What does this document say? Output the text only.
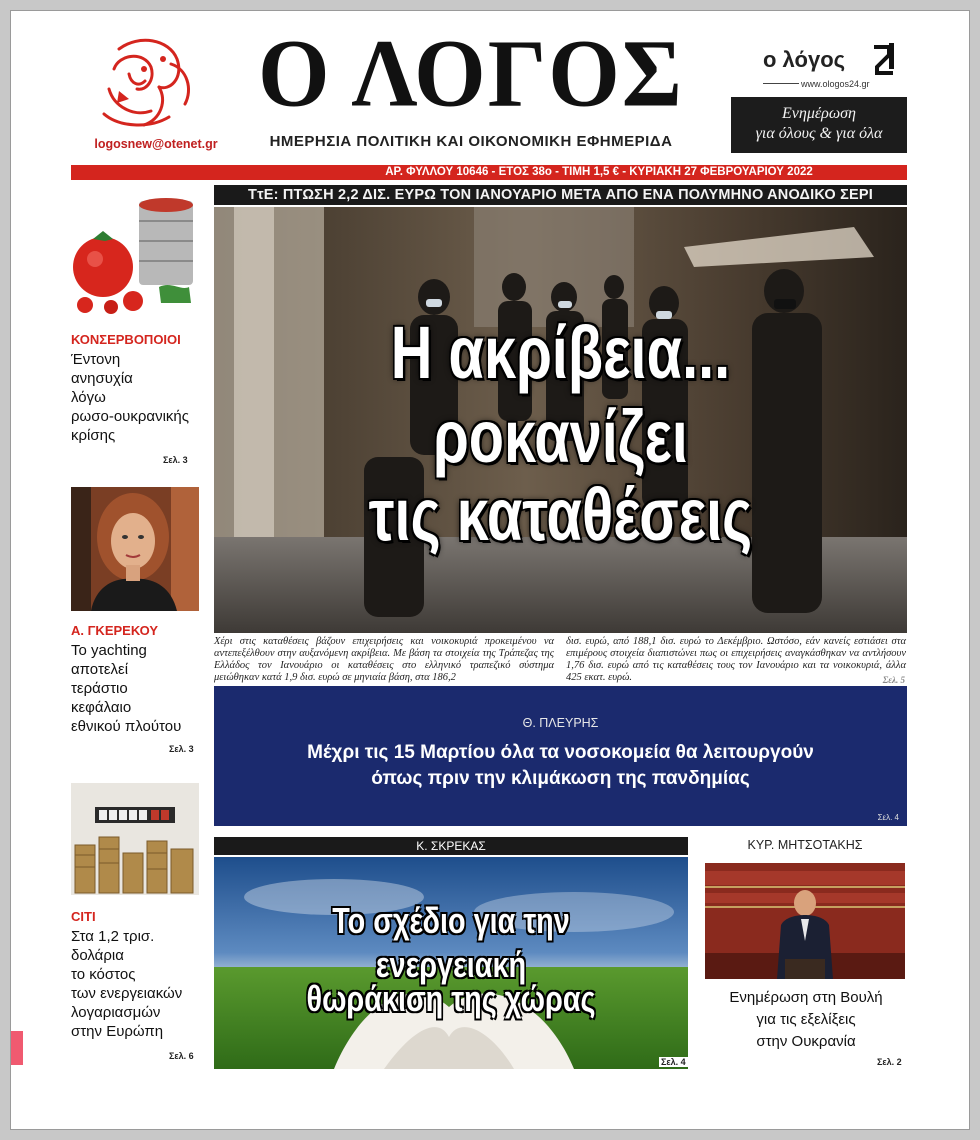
logosnew@otenet.gr
Ο ΛΟΓΟΣ
ΗΜΕΡΗΣΙΑ ΠΟΛΙΤΙΚΗ ΚΑΙ ΟΙΚΟΝΟΜΙΚΗ ΕΦΗΜΕΡΙΔΑ
ο λόγος
www.ologos24.gr
Ενημέρωση
για όλους & για όλα
ΑΡ. ΦΥΛΛΟΥ 10646 - ΕΤΟΣ 38ο - ΤΙΜΗ 1,5 € - ΚΥΡΙΑΚΗ 27 ΦΕΒΡΟΥΑΡΙΟΥ 2022
ΚΟΝΣΕΡΒΟΠΟΙΟΙ
Έντονη
ανησυχία
λόγω
ρωσο-ουκρανικής
κρίσης
Σελ. 3
Α. ΓΚΕΡΕΚΟΥ
Το yachting
αποτελεί
τεράστιο
κεφάλαιο
εθνικού πλούτου
Σελ. 3
CITI
Στα 1,2 τρισ.
δολάρια
το κόστος
των ενεργειακών
λογαριασμών
στην Ευρώπη
Σελ. 6
ΤτΕ: ΠΤΩΣΗ 2,2 ΔΙΣ. ΕΥΡΩ ΤΟΝ ΙΑΝΟΥΑΡΙΟ ΜΕΤΑ ΑΠΟ ΕΝΑ ΠΟΛΥΜΗΝΟ ΑΝΟΔΙΚΟ ΣΕΡΙ
Η ακρίβεια... ροκανίζει
τις καταθέσεις
Χέρι στις καταθέσεις βάζουν επιχειρήσεις και νοικοκυριά προκειμένου να αντεπεξέλθουν στην αυξανόμενη ακρίβεια. Με βάση τα στοιχεία της Τράπεζας της Ελλάδος τον Ιανουάριο οι καταθέσεις στο ελληνικό τραπεζικό σύστημα μειώθηκαν κατά 1,9 δισ. ευρώ σε μηνιαία βάση, στα 186,2
δισ. ευρώ, από 188,1 δισ. ευρώ το Δεκέμβριο. Ωστόσο, εάν κανείς εστιάσει στα επιμέρους στοιχεία διαπιστώνει πως οι επιχειρήσεις αναγκάσθηκαν να αντλήσουν 1,76 δισ. ευρώ από τις καταθέσεις τους τον Ιανουάριο και τα νοικοκυριά, άλλα 425 εκατ. ευρώ.	Σελ. 5
Θ. ΠΛΕΥΡΗΣ
Μέχρι τις 15 Μαρτίου όλα τα νοσοκομεία θα λειτουργούν
όπως πριν την κλιμάκωση της πανδημίας
Σελ. 4
Κ. ΣΚΡΕΚΑΣ
Το σχέδιο για την ενεργειακή
θωράκιση της χώρας
Σελ. 4
ΚΥΡ. ΜΗΤΣΟΤΑΚΗΣ
Ενημέρωση στη Βουλή
για τις εξελίξεις
στην Ουκρανία
Σελ. 2
